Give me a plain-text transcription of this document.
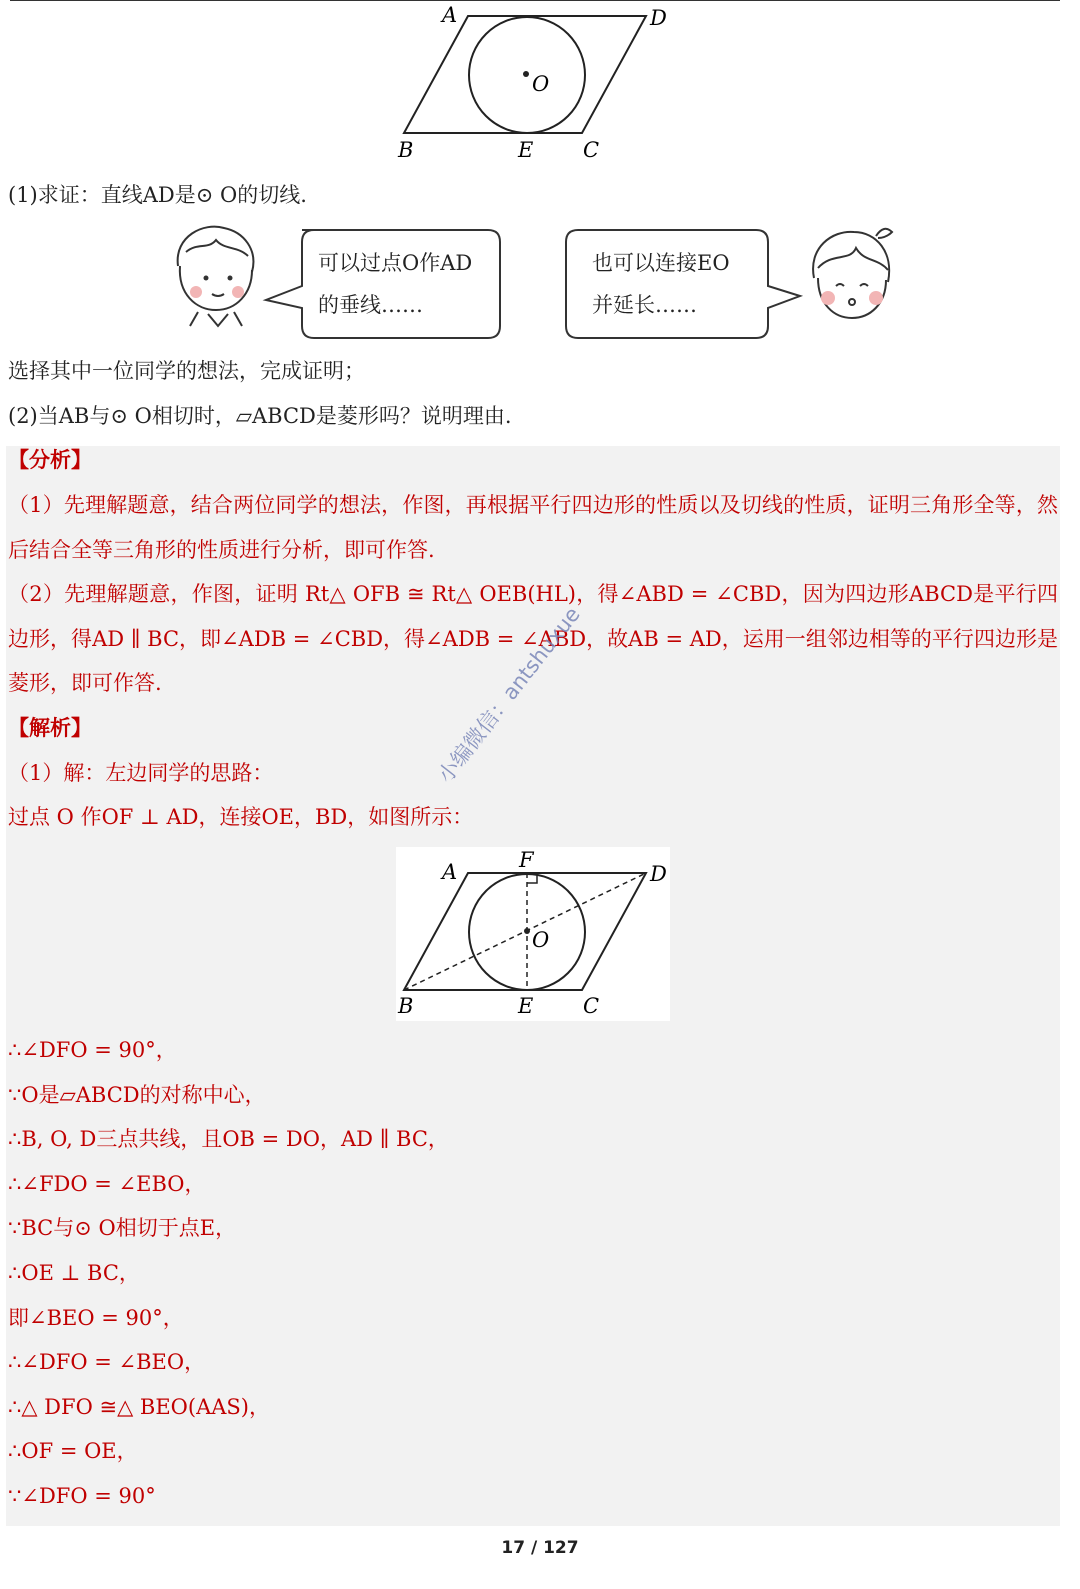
A	D
O
B	E C
(1)求证：直线AD是⊙ O的切线.
可以过点O作AD
的垂线……
也可以连接EO
并延长……
选择其中一位同学的想法，完成证明；
(2)当AB与⊙ O相切时，▱ABCD是菱形吗？说明理由.
【分析】
（1）先理解题意，结合两位同学的想法，作图，再根据平行四边形的性质以及切线的性质，证明三角形全等，然后结合全等三角形的性质进行分析，即可作答.
（2）先理解题意，作图，证明 Rt△ OFB ≅ Rt△ OEB(HL)，得∠ABD = ∠CBD，因为四边形ABCD是平行四边形，得AD ∥ BC，即∠ADB = ∠CBD，得∠ADB = ∠ABD，故AB = AD，运用一组邻边相等的平行四边形是菱形，即可作答.
【解析】
（1）解：左边同学的思路：
过点 O 作OF ⊥ AD，连接OE，BD，如图所示：
A	F
D
O
B	E C
∴∠DFO = 90°，
∵O是▱ABCD的对称中心，
∴B, O, D三点共线，且OB = DO，AD ∥ BC，
∴∠FDO = ∠EBO，
∵BC与⊙ O相切于点E，
∴OE ⊥ BC，
即∠BEO = 90°，
∴∠DFO = ∠BEO，
∴△ DFO ≅△ BEO(AAS)，
∴OF = OE，
∵∠DFO = 90°
小编微信：antshuxue
17 / 127
